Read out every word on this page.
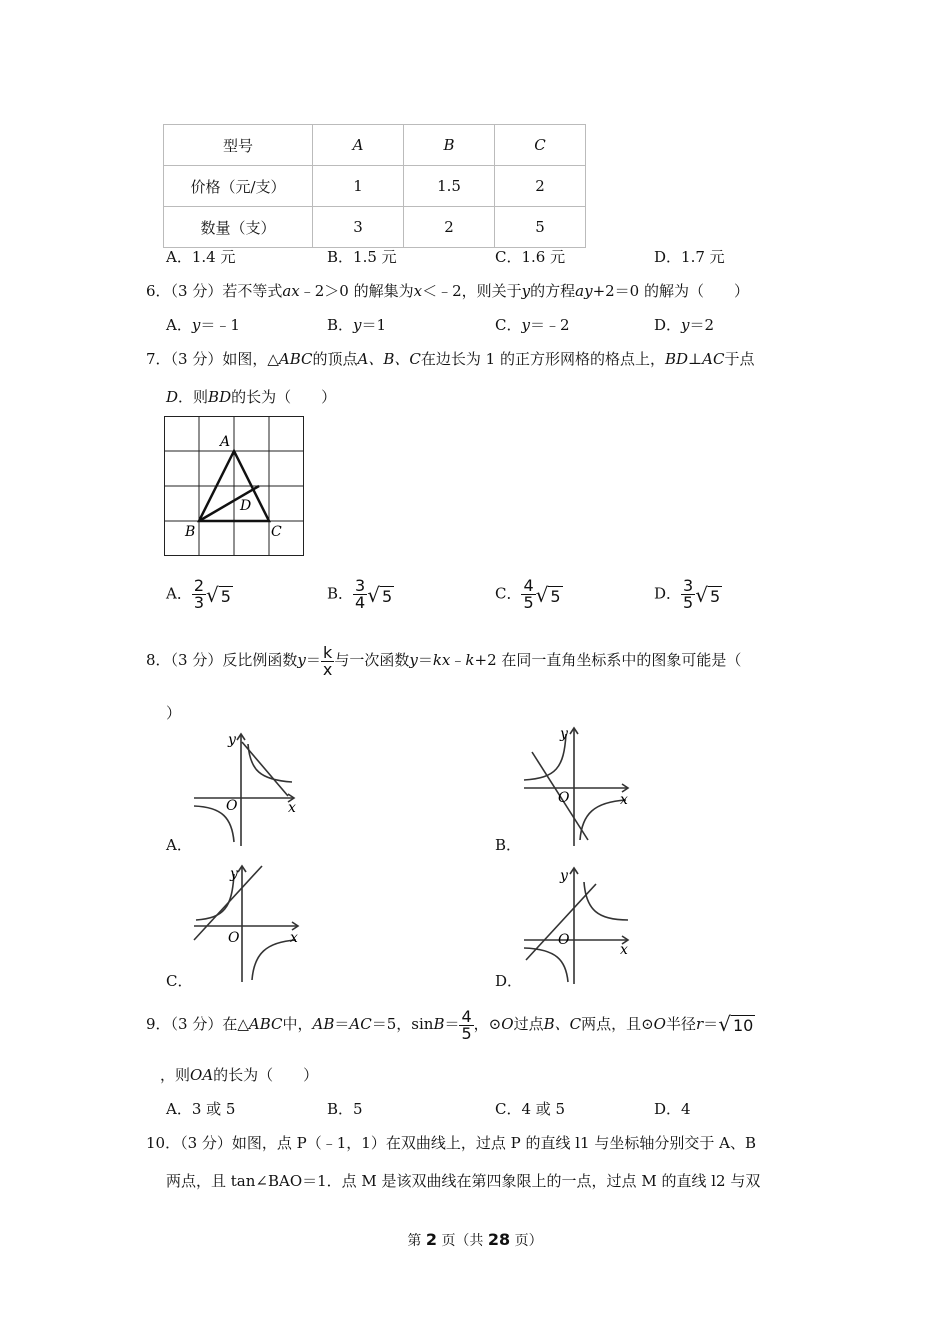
型号	A	B	C
价格（元/支）	1	1.5	2
数量（支）	3	2	5
A．1.4 元	B．1.5 元	C．1.6 元	D．1.7 元
6．（3 分）若不等式ax﹣2＞0 的解集为x＜﹣2，则关于y的方程ay+2＝0 的解为（　　）
A．y＝﹣1	B．y＝1	C．y＝﹣2	D．y＝2
7．（3 分）如图，△ABC的顶点A、B、C在边长为 1 的正方形网格的格点上，BD⊥AC于点
D．则BD的长为（　　）
A
B	C
D
A． $\frac{2}{3}$ √ 5	B． $\frac{3}{4}$ √ 5	C． $\frac{4}{5}$ √ 5	D． $\frac{3}{5}$ √ 5
8．（3 分）反比例函数$y= \frac{k}{x}$ 与一次函数y＝kx﹣k+2 在同一直角坐标系中的图象可能是（
）
y
x
O
A．
y
x
O
B．
y
x
O
C．
y
x
O
D．
9．（3 分）在△ABC中，AB＝AC＝5，$\sin B= \frac{4}{5}$ ，⊙O过点B、C两点，且⊙O半径r＝√ 10
，则OA的长为（　　）
A．3 或 5	B．5	C．4 或 5	D．4
10．（3 分）如图，点 P（﹣1，1）在双曲线上，过点 P 的直线 l1 与坐标轴分别交于 A、B
两点，且 tan∠BAO＝1．点 M 是该双曲线在第四象限上的一点，过点 M 的直线 l2 与双
第 2 页（共 28 页）
